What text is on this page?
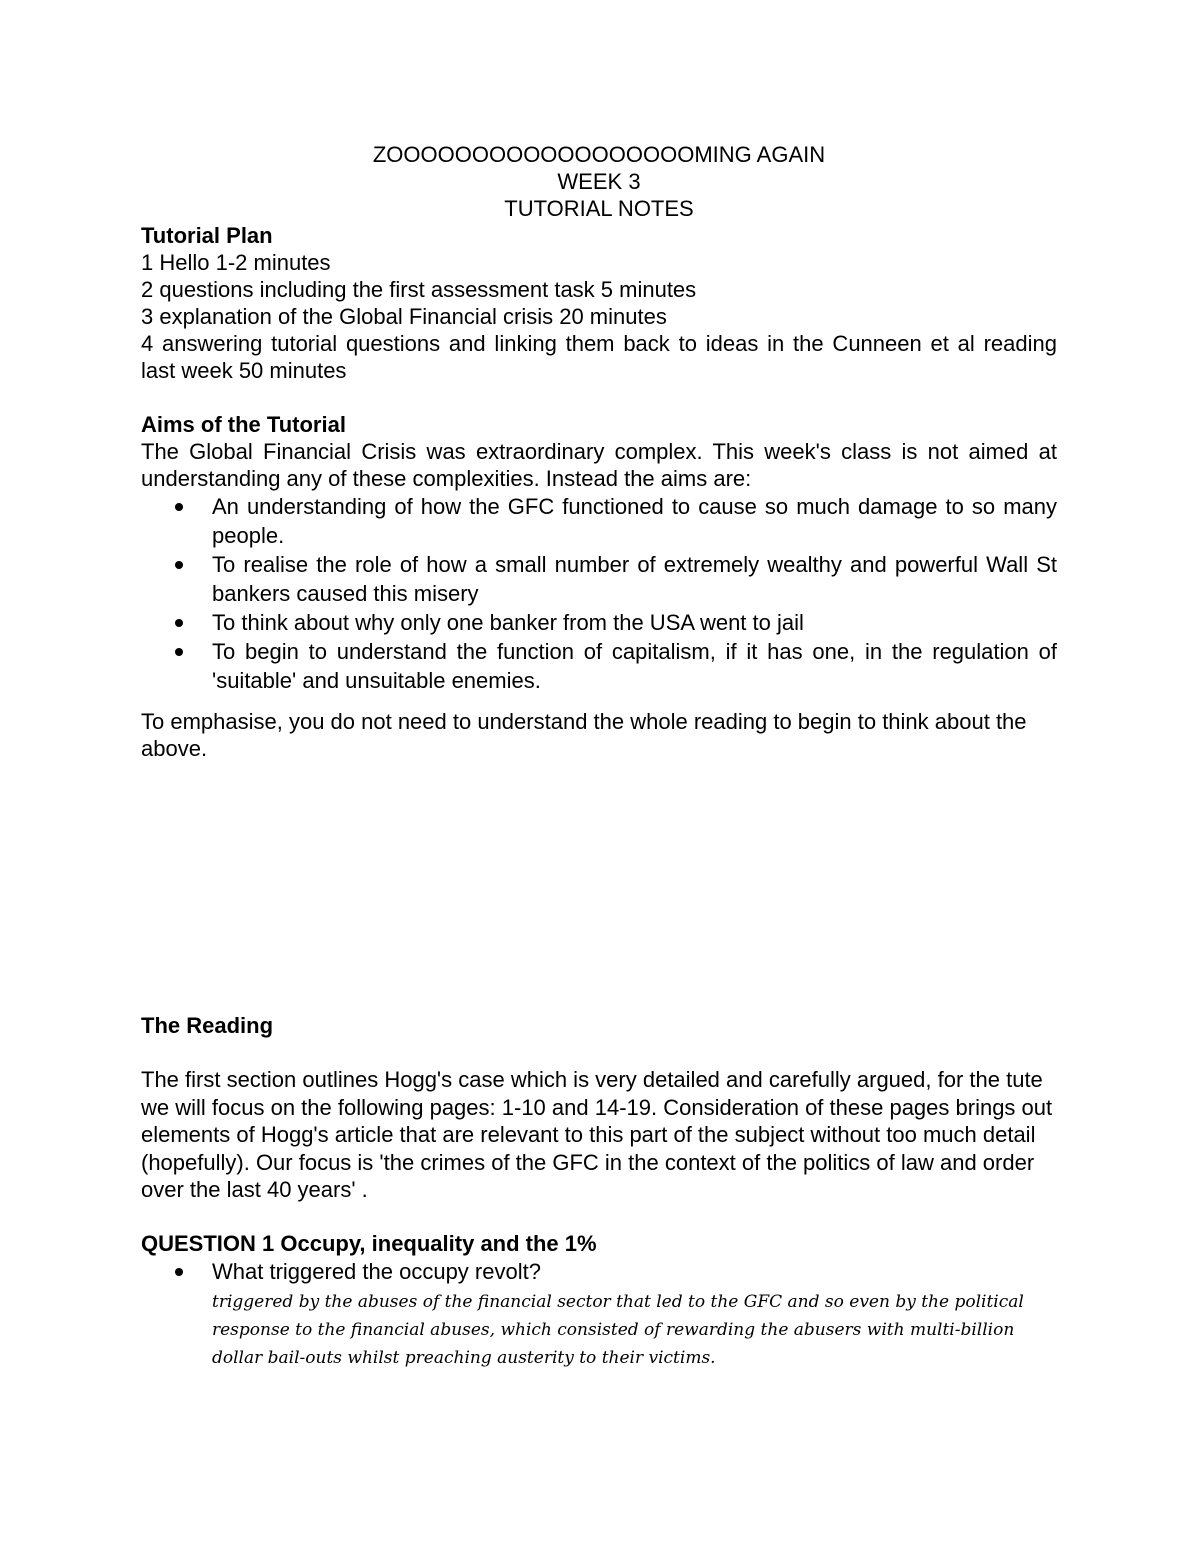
ZOOOOOOOOOOOOOOOOOOMING AGAIN

WEEK 3

TUTORIAL NOTES

Tutorial Plan

1 Hello 1-2 minutes

2 questions including the first assessment task 5 minutes

3 explanation of the Global Financial crisis 20 minutes

4 answering tutorial questions and linking them back to ideas in the Cunneen et al reading last week 50 minutes

Aims of the Tutorial

The Global Financial Crisis was extraordinary complex. This week's class is not aimed at understanding any of these complexities. Instead the aims are:

An understanding of how the GFC functioned to cause so much damage to so many people.
To realise the role of how a small number of extremely wealthy and powerful Wall St bankers caused this misery
To think about why only one banker from the USA went to jail
To begin to understand the function of capitalism, if it has one, in the regulation of 'suitable' and unsuitable enemies.

To emphasise, you do not need to understand the whole reading to begin to think about the above.

The Reading

The first section outlines Hogg's case which is very detailed and carefully argued, for the tute we will focus on the following pages: 1-10 and 14-19. Consideration of these pages brings out elements of Hogg's article that are relevant to this part of the subject without too much detail (hopefully). Our focus is 'the crimes of the GFC in the context of the politics of law and order over the last 40 years' .

QUESTION 1 Occupy, inequality and the 1%

What triggered the occupy revolt?
triggered by the abuses of the financial sector that led to the GFC and so even by the political response to the financial abuses, which consisted of rewarding the abusers with multi-billion dollar bail-outs whilst preaching austerity to their victims.
